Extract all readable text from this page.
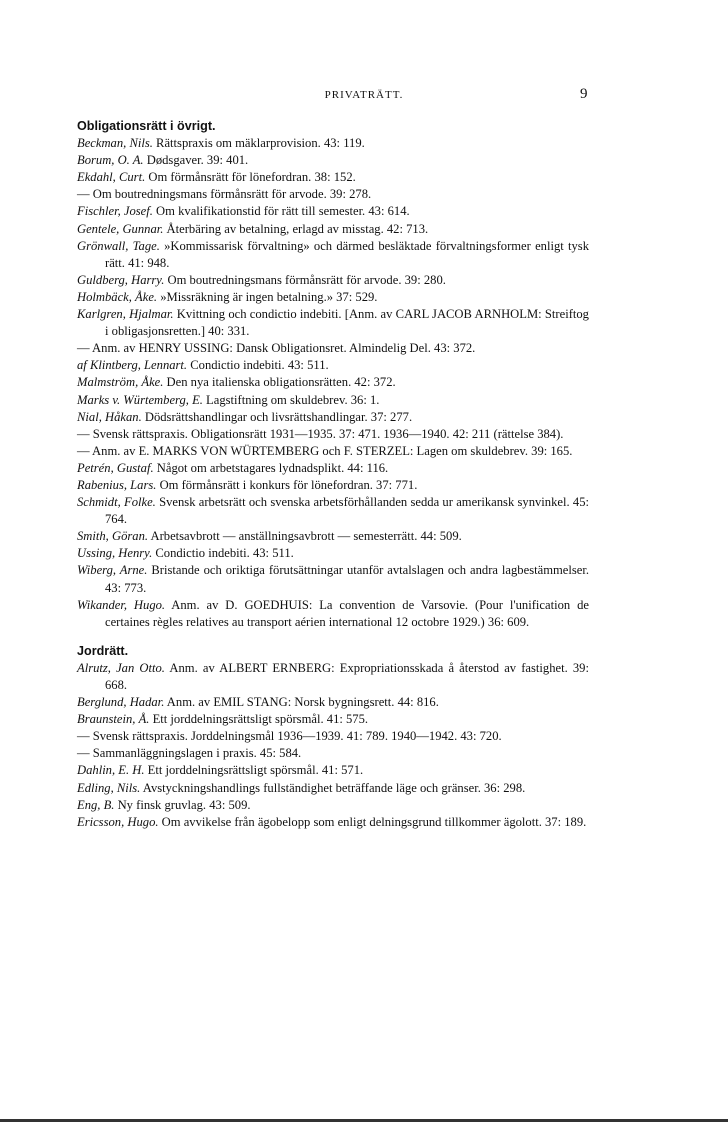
PRIVATRÄTT.	9

Obligationsrätt i övrigt.

Beckman, Nils. Rättspraxis om mäklarprovision. 43: 119.

Borum, O. A. Dødsgaver. 39: 401.

Ekdahl, Curt. Om förmånsrätt för lönefordran. 38: 152.

— Om boutredningsmans förmånsrätt för arvode. 39: 278.

Fischler, Josef. Om kvalifikationstid för rätt till semester. 43: 614.

Gentele, Gunnar. Återbäring av betalning, erlagd av misstag. 42: 713.

Grönwall, Tage. »Kommissarisk förvaltning» och därmed besläktade förvaltningsformer enligt tysk rätt. 41: 948.

Guldberg, Harry. Om boutredningsmans förmånsrätt för arvode. 39: 280.

Holmbäck, Åke. »Missräkning är ingen betalning.» 37: 529.

Karlgren, Hjalmar. Kvittning och condictio indebiti. [Anm. av CARL JACOB ARNHOLM: Streiftog i obligasjonsretten.] 40: 331.

— Anm. av HENRY USSING: Dansk Obligationsret. Almindelig Del. 43: 372.

af Klintberg, Lennart. Condictio indebiti. 43: 511.

Malmström, Åke. Den nya italienska obligationsrätten. 42: 372.

Marks v. Würtemberg, E. Lagstiftning om skuldebrev. 36: 1.

Nial, Håkan. Dödsrättshandlingar och livsrättshandlingar. 37: 277.

— Svensk rättspraxis. Obligationsrätt 1931—1935. 37: 471. 1936—1940. 42: 211 (rättelse 384).

— Anm. av E. MARKS VON WÜRTEMBERG och F. STERZEL: Lagen om skuldebrev. 39: 165.

Petrén, Gustaf. Något om arbetstagares lydnadsplikt. 44: 116.

Rabenius, Lars. Om förmånsrätt i konkurs för lönefordran. 37: 771.

Schmidt, Folke. Svensk arbetsrätt och svenska arbetsförhållanden sedda ur amerikansk synvinkel. 45: 764.

Smith, Göran. Arbetsavbrott — anställningsavbrott — semesterrätt. 44: 509.

Ussing, Henry. Condictio indebiti. 43: 511.

Wiberg, Arne. Bristande och oriktiga förutsättningar utanför avtalslagen och andra lagbestämmelser. 43: 773.

Wikander, Hugo. Anm. av D. GOEDHUIS: La convention de Varsovie. (Pour l'unification de certaines règles relatives au transport aérien international 12 octobre 1929.) 36: 609.

Jordrätt.

Alrutz, Jan Otto. Anm. av ALBERT ERNBERG: Expropriationsskada å återstod av fastighet. 39: 668.

Berglund, Hadar. Anm. av EMIL STANG: Norsk bygningsrett. 44: 816.

Braunstein, Å. Ett jorddelningsrättsligt spörsmål. 41: 575.

— Svensk rättspraxis. Jorddelningsmål 1936—1939. 41: 789. 1940—1942. 43: 720.

— Sammanläggningslagen i praxis. 45: 584.

Dahlin, E. H. Ett jorddelningsrättsligt spörsmål. 41: 571.

Edling, Nils. Avstyckningshandlings fullständighet beträffande läge och gränser. 36: 298.

Eng, B. Ny finsk gruvlag. 43: 509.

Ericsson, Hugo. Om avvikelse från ägobelopp som enligt delningsgrund tillkommer ägolott. 37: 189.
